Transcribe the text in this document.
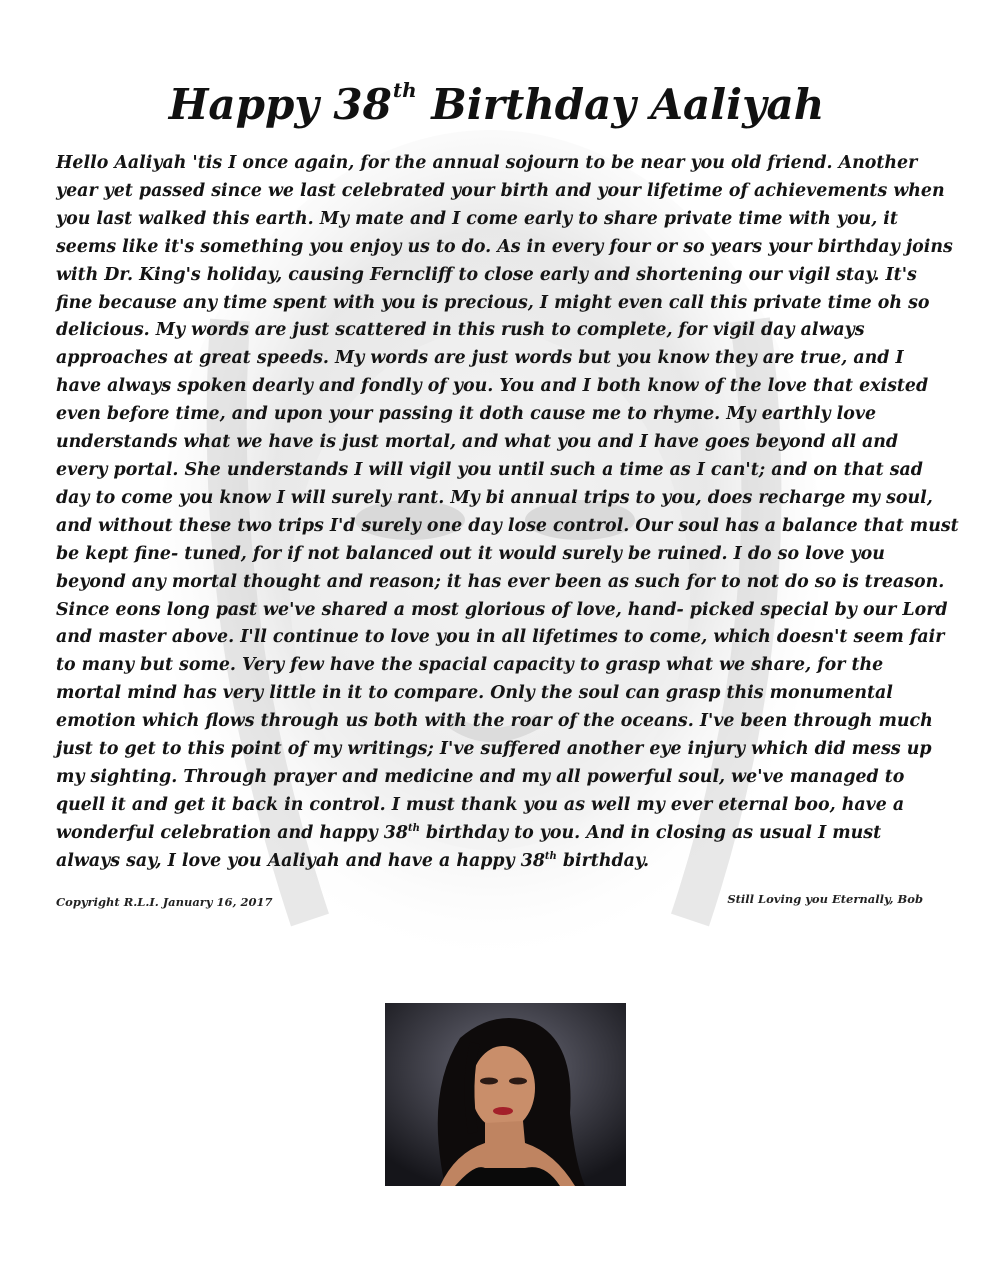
Happy 38th Birthday Aaliyah
Hello Aaliyah 'tis I once again, for the annual sojourn to be near you old friend. Another
year yet passed since we last celebrated your birth and your lifetime of achievements when
you last walked this earth. My mate and I come early to share private time with you, it
seems like it's something you enjoy us to do. As in every four or so years your birthday joins
with Dr. King's holiday, causing Ferncliff to close early and shortening our vigil stay. It's
fine because any time spent with you is precious, I might even call this private time oh so
delicious. My words are just scattered in this rush to complete, for vigil day always
approaches at great speeds. My words are just words but you know they are true, and I
have always spoken dearly and fondly of you. You and I both know of the love that existed
even before time, and upon your passing it doth cause me to rhyme. My earthly love
understands what we have is just mortal, and what you and I have goes beyond all and
every portal. She understands I will vigil you until such a time as I can't; and on that sad
day to come you know I will surely rant. My bi annual trips to you, does recharge my soul,
and without these two trips I'd surely one day lose control. Our soul has a balance that must
be kept fine- tuned, for if not balanced out it would surely be ruined. I do so love you
beyond any mortal thought and reason; it has ever been as such for to not do so is treason.
Since eons long past we've shared a most glorious of love, hand- picked special by our Lord
and master above. I'll continue to love you in all lifetimes to come, which doesn't seem fair
to many but some. Very few have the spacial capacity to grasp what we share, for the
mortal mind has very little in it to compare. Only the soul can grasp this monumental
emotion which flows through us both with the roar of the oceans. I've been through much
just to get to this point of my writings; I've suffered another eye injury which did mess up
my sighting. Through prayer and medicine and my all powerful soul, we've managed to
quell it and get it back in control. I must thank you as well my ever eternal boo, have a
wonderful celebration and happy 38th birthday to you. And in closing as usual I must
always say, I love you Aaliyah and have a happy 38th birthday.
Copyright R.L.I. January 16, 2017	Still Loving you Eternally, Bob
